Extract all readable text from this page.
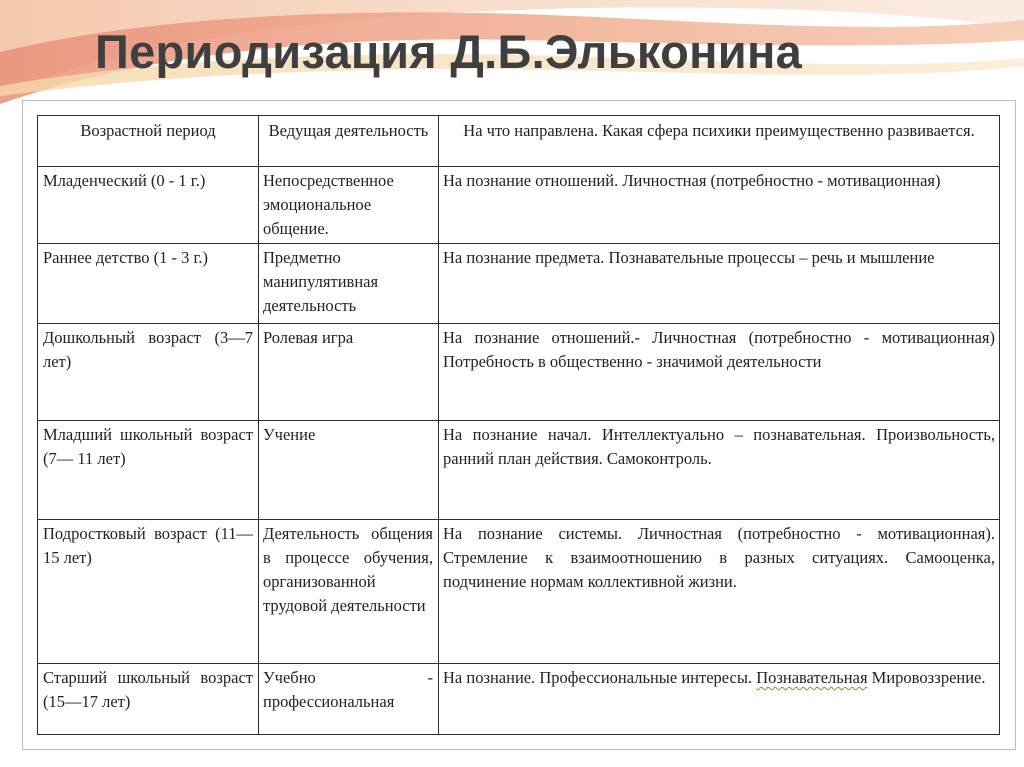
Периодизация Д.Б.Эльконина
Возрастной период	Ведущая деятельность	На что направлена. Какая сфера психики преимущественно развивается.
Младенческий (0 - 1 г.)	Непосредственное эмоциональное общение.	На познание отношений. Личностная (потребностно - мотивационная)
Раннее детство (1 - 3 г.)	Предметно манипулятивная деятельность	На познание предмета. Познавательные процессы – речь и мышление
Дошкольный возраст (3—7 лет)	Ролевая игра	На познание отношений.- Личностная (потребностно - мотивационная) Потребность в общественно - значимой деятельности
Младший школьный возраст (7— 11 лет)	Учение	На познание начал. Интеллектуально – познавательная. Произвольность, ранний план действия. Самоконтроль.
Подростковый возраст (11—15 лет)	Деятельность общения в процессе обучения, организованной трудовой деятельности	На познание системы. Личностная (потребностно - мотивационная). Стремление к взаимоотношению в разных ситуациях. Самооценка, подчинение нормам коллективной жизни.
Старший школьный возраст (15—17 лет)	Учебно - профессиональная	На познание. Профессиональные интересы. Познавательная Мировоззрение.
